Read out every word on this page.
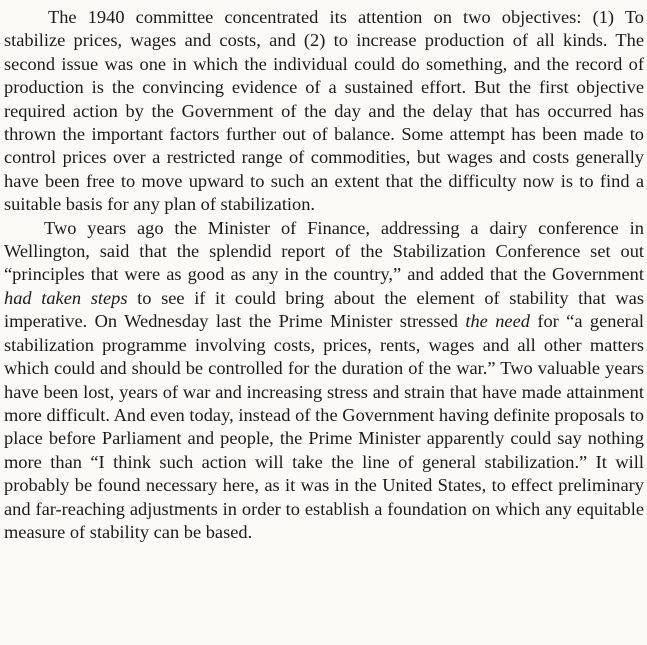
The 1940 committee concentrated its attention on two objectives: (1) To stabilize prices, wages and costs, and (2) to increase production of all kinds. The second issue was one in which the individual could do something, and the record of production is the convincing evidence of a sustained effort. But the first objective required action by the Government of the day and the delay that has occurred has thrown the important factors further out of balance. Some attempt has been made to control prices over a restricted range of commodities, but wages and costs generally have been free to move upward to such an extent that the difficulty now is to find a suitable basis for any plan of stabilization.

Two years ago the Minister of Finance, addressing a dairy conference in Wellington, said that the splendid report of the Stabilization Conference set out “principles that were as good as any in the country,” and added that the Government had taken steps to see if it could bring about the element of stability that was imperative. On Wednesday last the Prime Minister stressed the need for “a general stabilization programme involving costs, prices, rents, wages and all other matters which could and should be controlled for the duration of the war.” Two valuable years have been lost, years of war and increasing stress and strain that have made attainment more difficult. And even today, instead of the Government having definite proposals to place before Parliament and people, the Prime Minister apparently could say nothing more than “I think such action will take the line of general stabilization.” It will probably be found necessary here, as it was in the United States, to effect preliminary and far-reaching adjustments in order to establish a foundation on which any equitable measure of stability can be based.
